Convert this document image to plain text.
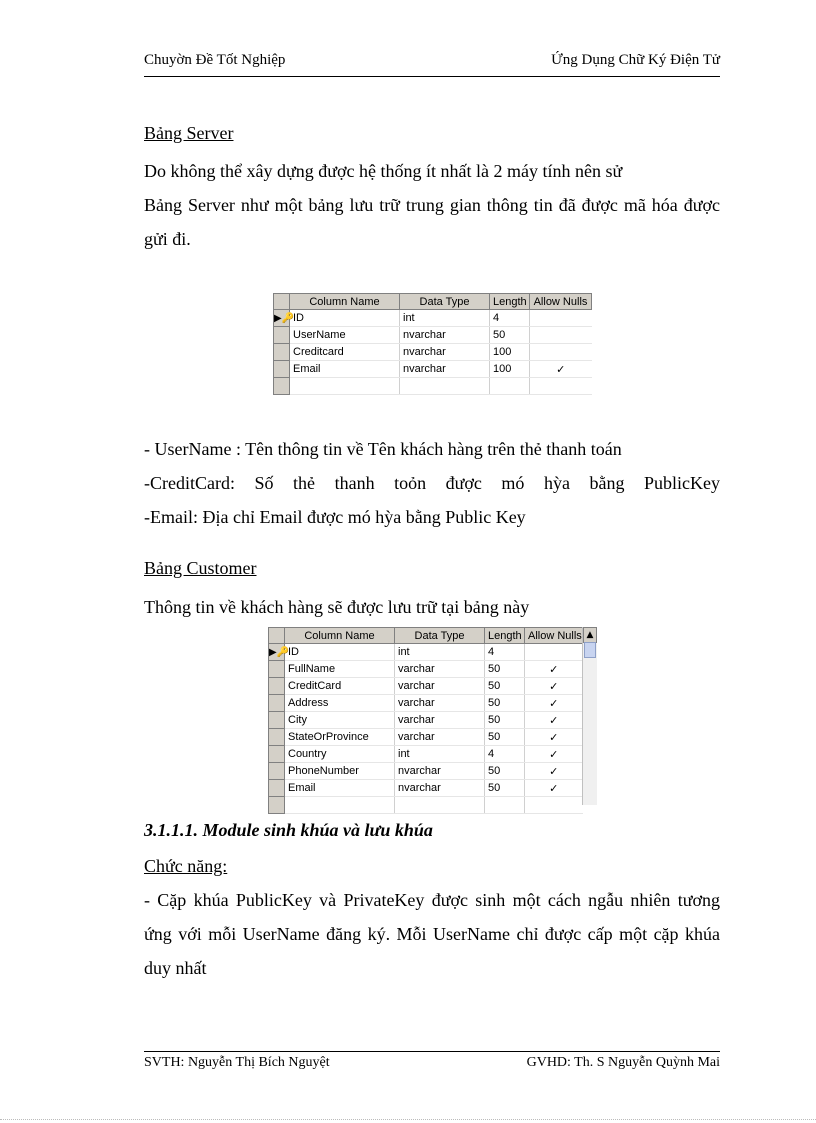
Chuyờn Đề Tốt Nghiệp	Ứng Dụng Chữ Ký Điện Tử
Bảng Server
Do không thể xây dựng được hệ thống ít nhất là 2 máy tính nên sử
Bảng Server như một bảng lưu trữ trung gian thông tin đã được mã hóa được
gửi đi.
	Column Name	Data Type	Length	Allow Nulls
▶🔑	ID	int	4	
	UserName	nvarchar	50	
	Creditcard	nvarchar	100	
	Email	nvarchar	100	✓

- UserName : Tên thông tin về Tên khách hàng trên thẻ thanh toán
-CreditCard: Số thẻ thanh toỏn được mó hỳa bằng PublicKey
-Email: Địa chỉ Email được mó hỳa bằng Public Key
Bảng Customer
Thông tin về khách hàng sẽ được lưu trữ tại bảng này
	Column Name	Data Type	Length	Allow Nulls
▶🔑	ID	int	4	
	FullName	varchar	50	✓
	CreditCard	varchar	50	✓
	Address	varchar	50	✓
	City	varchar	50	✓
	StateOrProvince	varchar	50	✓
	Country	int	4	✓
	PhoneNumber	nvarchar	50	✓
	Email	nvarchar	50	✓

▲
3.1.1.1. Module sinh khúa và lưu khúa
Chức năng:
- Cặp khúa PublicKey và PrivateKey được sinh một cách ngẫu nhiên tương
ứng với mỗi UserName đăng ký. Mỗi UserName chỉ được cấp một cặp khúa
duy nhất
SVTH: Nguyễn Thị Bích Nguyệt	GVHD: Th. S Nguyễn Quỳnh Mai
